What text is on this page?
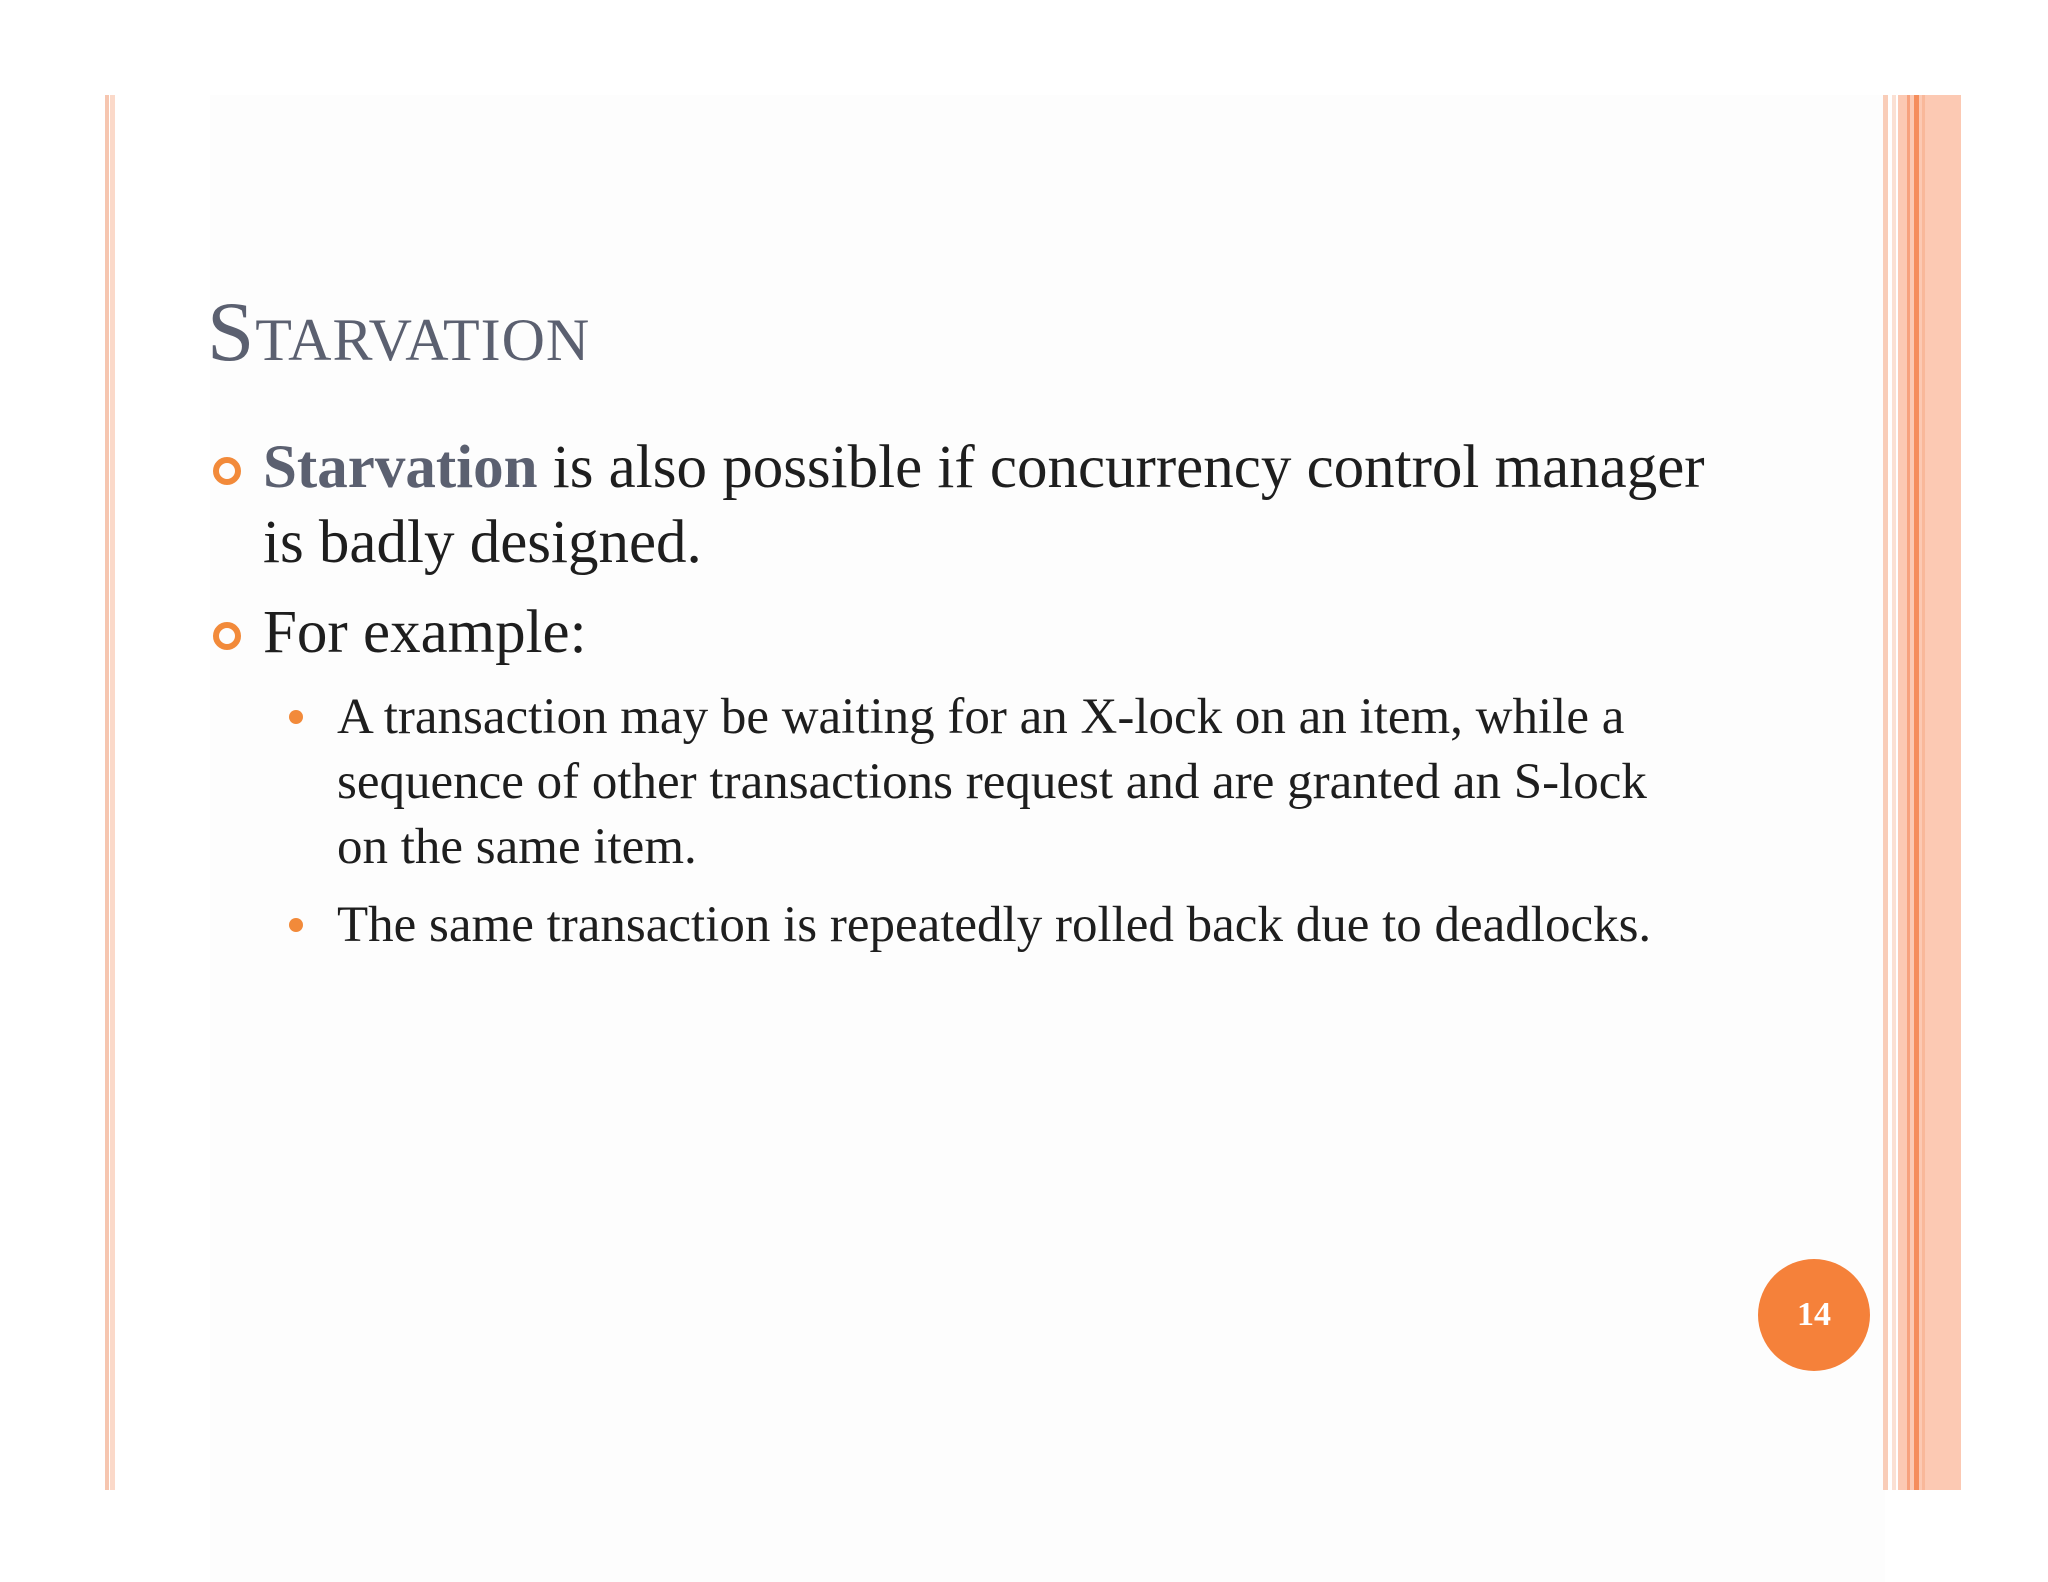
Starvation
Starvation is also possible if concurrency control manager is badly designed.
For example:
A transaction may be waiting for an X-lock on an item, while a sequence of other transactions request and are granted an S-lock on the same item.
The same transaction is repeatedly rolled back due to deadlocks.
14
